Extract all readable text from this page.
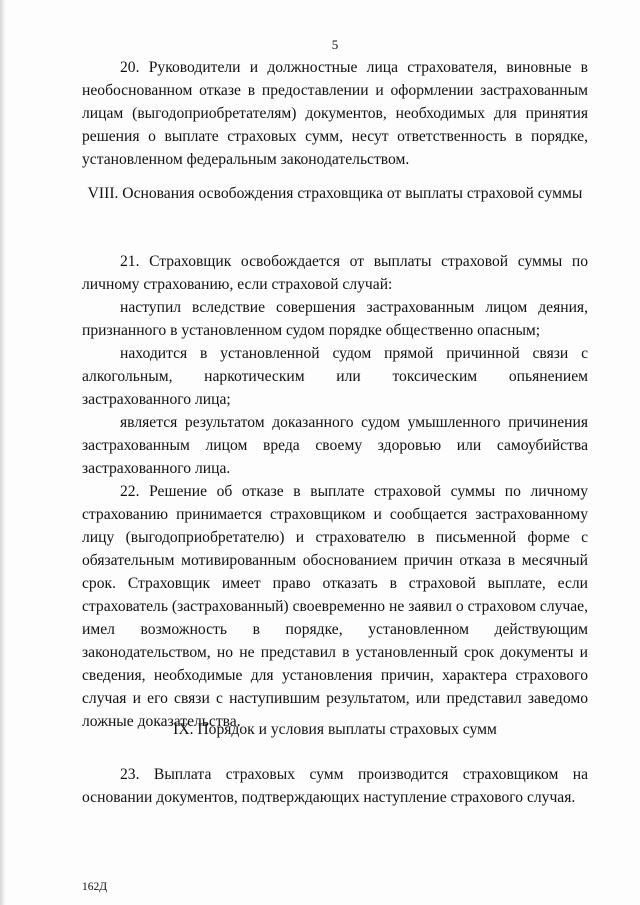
5

20. Руководители и должностные лица страхователя, виновные в необоснованном отказе в предоставлении и оформлении застрахованным лицам (выгодоприобретателям) документов, необходимых для принятия решения о выплате страховых сумм, несут ответственность в порядке, установленном федеральным законодательством.

VIII. Основания освобождения страховщика от выплаты страховой суммы

21. Страховщик освобождается от выплаты страховой суммы по личному страхованию, если страховой случай:

наступил вследствие совершения застрахованным лицом деяния, признанного в установленном судом порядке общественно опасным;

находится в установленной судом прямой причинной связи с алкогольным, наркотическим или токсическим опьянением застрахованного лица;

является результатом доказанного судом умышленного причинения застрахованным лицом вреда своему здоровью или самоубийства застрахованного лица.

22. Решение об отказе в выплате страховой суммы по личному страхованию принимается страховщиком и сообщается застрахованному лицу (выгодоприобретателю) и страхователю в письменной форме с обязательным мотивированным обоснованием причин отказа в месячный срок. Страховщик имеет право отказать в страховой выплате, если страхователь (застрахованный) своевременно не заявил о страховом случае, имел возможность в порядке, установленном действующим законодательством, но не представил в установленный срок документы и сведения, необходимые для установления причин, характера страхового случая и его связи с наступившим результатом, или представил заведомо ложные доказательства.

IX. Порядок и условия выплаты страховых сумм

23. Выплата страховых сумм производится страховщиком на основании документов, подтверждающих наступление страхового случая.

162Д
